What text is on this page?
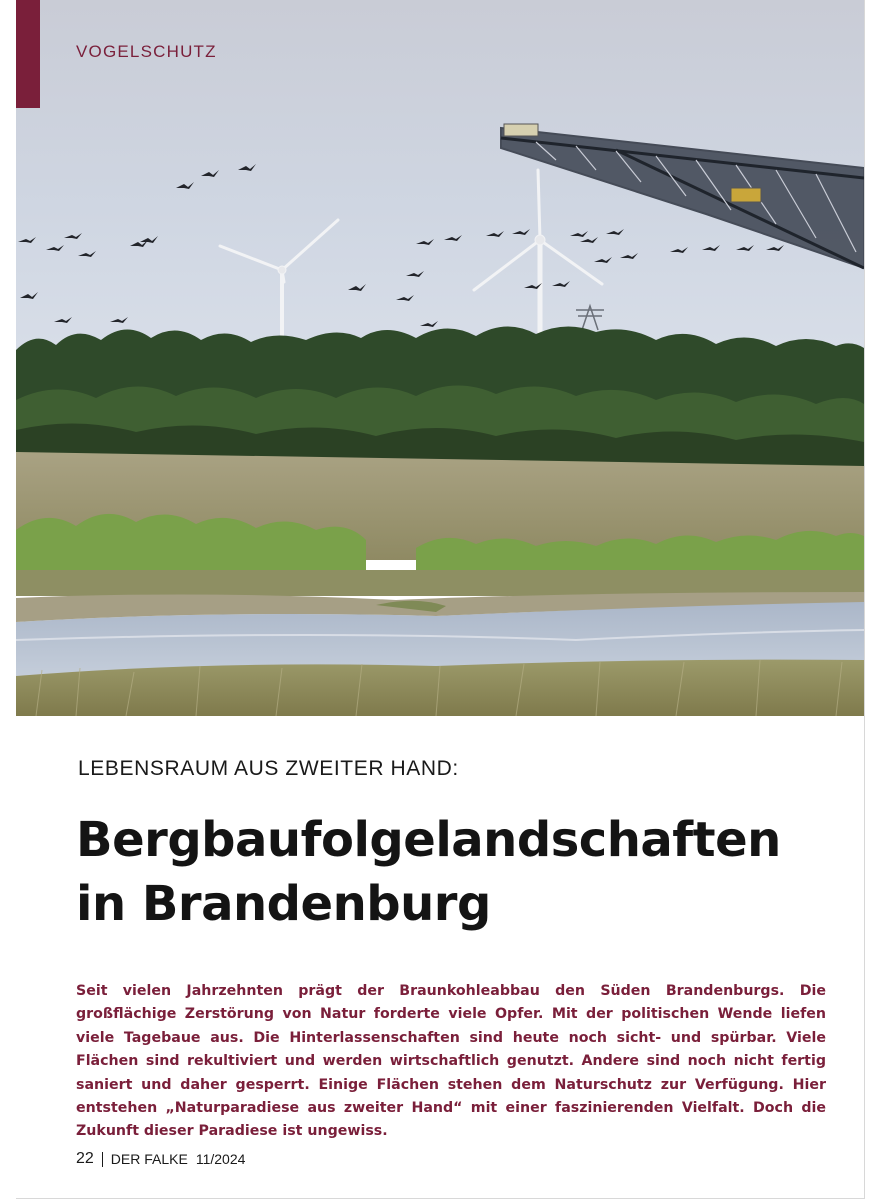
VOGELSCHUTZ
LEBENSRAUM AUS ZWEITER HAND:
Bergbaufolgelandschaften
in Brandenburg

Seit vielen Jahrzehnten prägt der Braunkohleabbau den Süden Brandenburgs. Die großflächige Zerstörung von Natur forderte viele Opfer. Mit der politischen Wende liefen viele Tagebaue aus. Die Hinterlassenschaften sind heute noch sicht- und spürbar. Viele Flächen sind rekultiviert und werden wirtschaftlich genutzt. Andere sind noch nicht fertig saniert und daher gesperrt. Einige Flächen stehen dem Naturschutz zur Verfügung. Hier entstehen „Naturparadiese aus zweiter Hand“ mit einer faszinierenden Vielfalt. Doch die Zukunft dieser Paradiese ist ungewiss.

22 DER FALKE 11/2024
